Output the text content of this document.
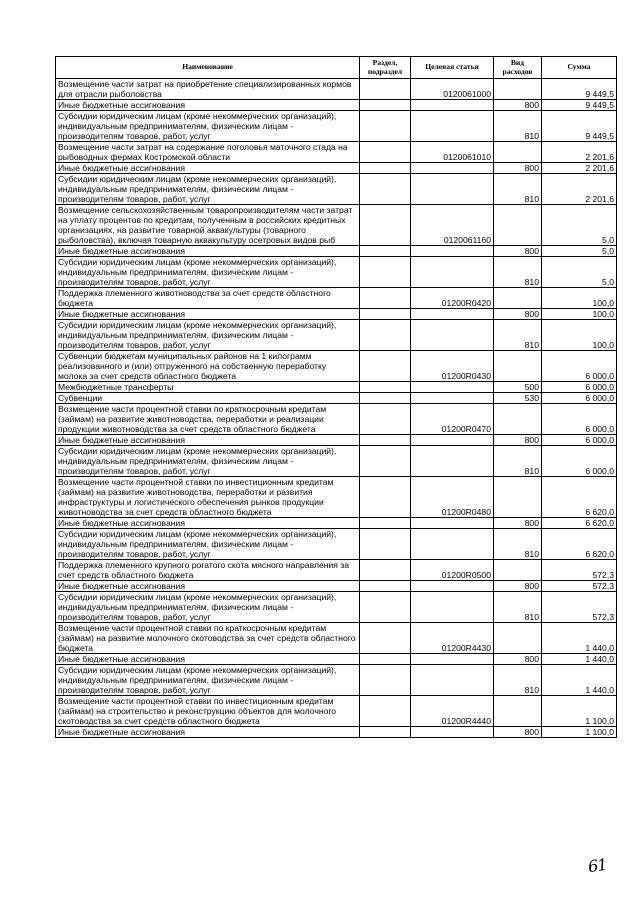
Наименование	Раздел, подраздел	Целевая статья	Вид расходов	Сумма
Возмещение части затрат на приобретение специализированных кормов для отрасли рыболовства		0120061000		9 449,5
Иные бюджетные ассигнования			800	9 449,5
Субсидии юридическим лицам (кроме некоммерческих организаций), индивидуальным предпринимателям, физическим лицам - производителям товаров, работ, услуг			810	9 449,5
Возмещение части затрат на содержание поголовья маточного стада на рыбоводных фермах Костромской области		0120061010		2 201,6
Иные бюджетные ассигнования			800	2 201,6
Субсидии юридическим лицам (кроме некоммерческих организаций), индивидуальным предпринимателям, физическим лицам - производителям товаров, работ, услуг			810	2 201,6
Возмещение сельскохозяйственным товаропроизводителям части затрат на уплату процентов по кредитам, полученным в российских кредитных организациях, на развитие товарной аквакультуры (товарного рыболовства), включая товарную аквакультуру осетровых видов рыб		0120061160		5,0
Иные бюджетные ассигнования			800	5,0
Субсидии юридическим лицам (кроме некоммерческих организаций), индивидуальным предпринимателям, физическим лицам - производителям товаров, работ, услуг			810	5,0
Поддержка племенного животноводства за счет средств областного бюджета		01200R0420		100,0
Иные бюджетные ассигнования			800	100,0
Субсидии юридическим лицам (кроме некоммерческих организаций), индивидуальным предпринимателям, физическим лицам - производителям товаров, работ, услуг			810	100,0
Субвенции бюджетам муниципальных районов на 1 килограмм реализованного и (или) отгруженного на собственную переработку молока за счет средств областного бюджета		01200R0430		6 000,0
Межбюджетные трансферты			500	6 000,0
Субвенции			530	6 000,0
Возмещение части процентной ставки по краткосрочным кредитам (займам) на развитие животноводства, переработки и реализации продукции животноводства за счет средств областного бюджета		01200R0470		6 000,0
Иные бюджетные ассигнования			800	6 000,0
Субсидии юридическим лицам (кроме некоммерческих организаций), индивидуальным предпринимателям, физическим лицам - производителям товаров, работ, услуг			810	6 000,0
Возмещение части процентной ставки по инвестиционным кредитам (займам) на развитие животноводства, переработки и развития инфраструктуры и логистического обеспечения рынков продукции животноводства за счет средств областного бюджета		01200R0480		6 620,0
Иные бюджетные ассигнования			800	6 620,0
Субсидии юридическим лицам (кроме некоммерческих организаций), индивидуальным предпринимателям, физическим лицам - производителям товаров, работ, услуг			810	6 620,0
Поддержка племенного крупного рогатого скота мясного направления за счет средств областного бюджета		01200R0500		572,3
Иные бюджетные ассигнования			800	572,3
Субсидии юридическим лицам (кроме некоммерческих организаций), индивидуальным предпринимателям, физическим лицам - производителям товаров, работ, услуг			810	572,3
Возмещение части процентной ставки по краткосрочным кредитам (займам) на развитие молочного скотоводства за счет средств областного бюджета		01200R4430		1 440,0
Иные бюджетные ассигнования			800	1 440,0
Субсидии юридическим лицам (кроме некоммерческих организаций), индивидуальным предпринимателям, физическим лицам - производителям товаров, работ, услуг			810	1 440,0
Возмещение части процентной ставки по инвестиционным кредитам (займам) на строительство и реконструкцию объектов для молочного скотоводства за счет средств областного бюджета		01200R4440		1 100,0
Иные бюджетные ассигнования			800	1 100,0
61
